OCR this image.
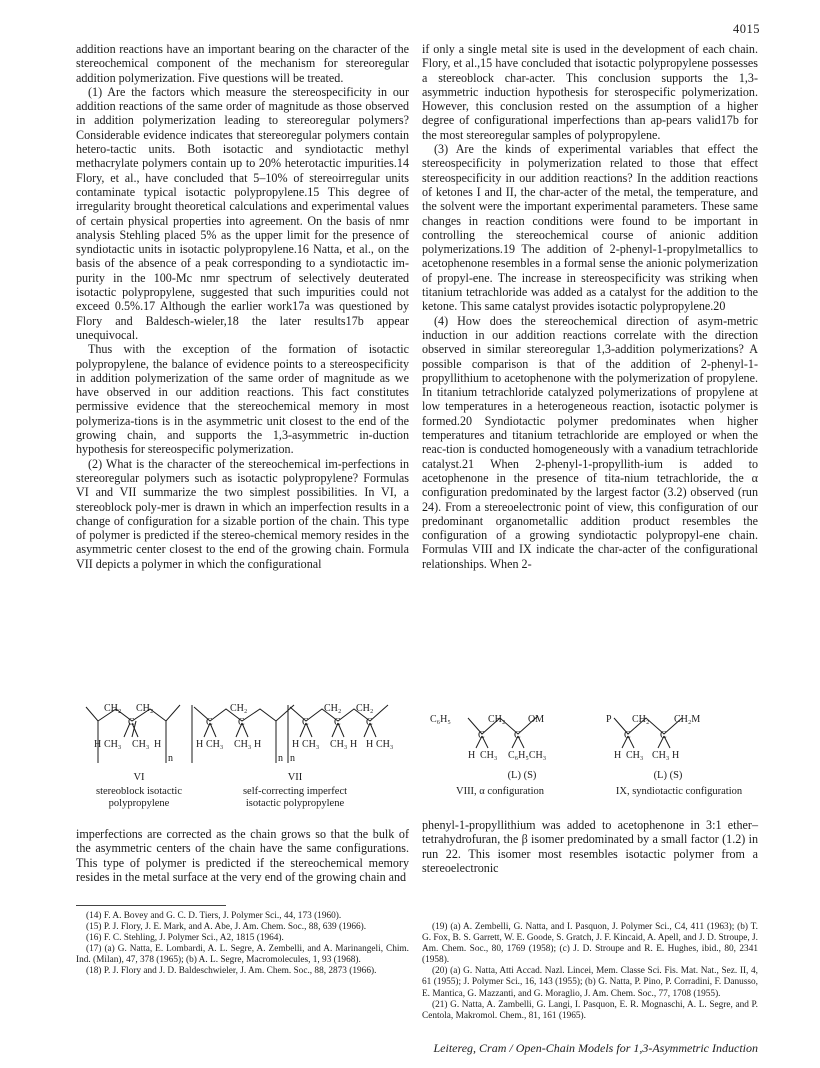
4015

addition reactions have an important bearing on the character of the stereochemical component of the mechanism for stereoregular addition polymerization. Five questions will be treated.

(1) Are the factors which measure the stereospecificity in our addition reactions of the same order of magnitude as those observed in addition polymerization leading to stereoregular polymers? Considerable evidence indicates that stereoregular polymers contain hetero-tactic units. Both isotactic and syndiotactic methyl methacrylate polymers contain up to 20% heterotactic impurities.14 Flory, et al., have concluded that 5–10% of stereoirregular units contaminate typical isotactic polypropylene.15 This degree of irregularity brought theoretical calculations and experimental values of certain physical properties into agreement. On the basis of nmr analysis Stehling placed 5% as the upper limit for the presence of syndiotactic units in isotactic polypropylene.16 Natta, et al., on the basis of the absence of a peak corresponding to a syndiotactic im-purity in the 100-Mc nmr spectrum of selectively deuterated isotactic polypropylene, suggested that such impurities could not exceed 0.5%.17 Although the earlier work17a was questioned by Flory and Baldesch-wieler,18 the later results17b appear unequivocal.

Thus with the exception of the formation of isotactic polypropylene, the balance of evidence points to a stereospecificity in addition polymerization of the same order of magnitude as we have observed in our addition reactions. This fact constitutes permissive evidence that the stereochemical memory in most polymeriza-tions is in the asymmetric unit closest to the end of the growing chain, and supports the 1,3-asymmetric in-duction hypothesis for stereospecific polymerization.

(2) What is the character of the stereochemical im-perfections in stereoregular polymers such as isotactic polypropylene? Formulas VI and VII summarize the two simplest possibilities. In VI, a stereoblock poly-mer is drawn in which an imperfection results in a change of configuration for a sizable portion of the chain. This type of polymer is predicted if the stereo-chemical memory resides in the asymmetric center closest to the end of the growing chain. Formula VII depicts a polymer in which the configurational

CH₂ CH₂
C
H CH₃ CH₃ H
n
CH₂
C	C
H CH₃ CH₃ H
n
CH₂ CH₂
C	C	C
H CH₃ CH₃ H H CH₃
n
VI
stereoblock isotactic polypropylene
VII
self-correcting imperfect isotactic polypropylene

imperfections are corrected as the chain grows so that the bulk of the asymmetric centers of the chain have the same configurations. This type of polymer is predicted if the stereochemical memory resides in the metal surface at the very end of the growing chain and

(14) F. A. Bovey and G. C. D. Tiers, J. Polymer Sci., 44, 173 (1960).

(15) P. J. Flory, J. E. Mark, and A. Abe, J. Am. Chem. Soc., 88, 639 (1966).

(16) F. C. Stehling, J. Polymer Sci., A2, 1815 (1964).

(17) (a) G. Natta, E. Lombardi, A. L. Segre, A. Zembelli, and A. Marinangeli, Chim. Ind. (Milan), 47, 378 (1965); (b) A. L. Segre, Macromolecules, 1, 93 (1968).

(18) P. J. Flory and J. D. Baldeschwieler, J. Am. Chem. Soc., 88, 2873 (1966).

if only a single metal site is used in the development of each chain. Flory, et al.,15 have concluded that isotactic polypropylene possesses a stereoblock char-acter. This conclusion supports the 1,3-asymmetric induction hypothesis for sterospecific polymerization. However, this conclusion rested on the assumption of a higher degree of configurational imperfections than ap-pears valid17b for the most stereoregular samples of polypropylene.

(3) Are the kinds of experimental variables that effect the stereospecificity in polymerization related to those that effect stereospecificity in our addition reactions? In the addition reactions of ketones I and II, the char-acter of the metal, the temperature, and the solvent were the important experimental parameters. These same changes in reaction conditions were found to be important in controlling the stereochemical course of anionic addition polymerizations.19 The addition of 2-phenyl-1-propylmetallics to acetophenone resembles in a formal sense the anionic polymerization of propyl-ene. The increase in stereospecificity was striking when titanium tetrachloride was added as a catalyst for the addition to the ketone. This same catalyst provides isotactic polypropylene.20

(4) How does the stereochemical direction of asym-metric induction in our addition reactions correlate with the direction observed in similar stereoregular 1,3-addition polymerizations? A possible comparison is that of the addition of 2-phenyl-1-propyllithium to acetophenone with the polymerization of propylene. In titanium tetrachloride catalyzed polymerizations of propylene at low temperatures in a heterogeneous reaction, isotactic polymer is formed.20 Syndiotactic polymer predominates when higher temperatures and titanium tetrachloride are employed or when the reac-tion is conducted homogeneously with a vanadium tetrachloride catalyst.21 When 2-phenyl-1-propyllith-ium is added to acetophenone in the presence of tita-nium tetrachloride, the α configuration predominated by the largest factor (3.2) observed (run 24). From a stereoelectronic point of view, this configuration of our predominant organometallic addition product resembles the configuration of a growing syndiotactic polypropyl-ene chain. Formulas VIII and IX indicate the char-acter of the configurational relationships. When 2-

C₆H₅	CH₂ OM
C	C
H CH₃ C₆H₅CH₃
P CH₂ CH₂M
C	C
H CH₃ CH₃ H
(L) (S)	(L) (S)
VIII, α configuration	IX, syndiotactic configuration

phenyl-1-propyllithium was added to acetophenone in 3:1 ether–tetrahydrofuran, the β isomer predominated by a small factor (1.2) in run 22. This isomer most resembles isotactic polymer from a stereoelectronic

(19) (a) A. Zembelli, G. Natta, and I. Pasquon, J. Polymer Sci., C4, 411 (1963); (b) T. G. Fox, B. S. Garrett, W. E. Goode, S. Gratch, J. F. Kincaid, A. Apell, and J. D. Stroupe, J. Am. Chem. Soc., 80, 1769 (1958); (c) J. D. Stroupe and R. E. Hughes, ibid., 80, 2341 (1958).

(20) (a) G. Natta, Atti Accad. Nazl. Lincei, Mem. Classe Sci. Fis. Mat. Nat., Sez. II, 4, 61 (1955); J. Polymer Sci., 16, 143 (1955); (b) G. Natta, P. Pino, P. Corradini, F. Danusso, E. Mantica, G. Mazzanti, and G. Moraglio, J. Am. Chem. Soc., 77, 1708 (1955).

(21) G. Natta, A. Zambelli, G. Langi, I. Pasquon, E. R. Mognaschi, A. L. Segre, and P. Centola, Makromol. Chem., 81, 161 (1965).

Leitereg, Cram / Open-Chain Models for 1,3-Asymmetric Induction
